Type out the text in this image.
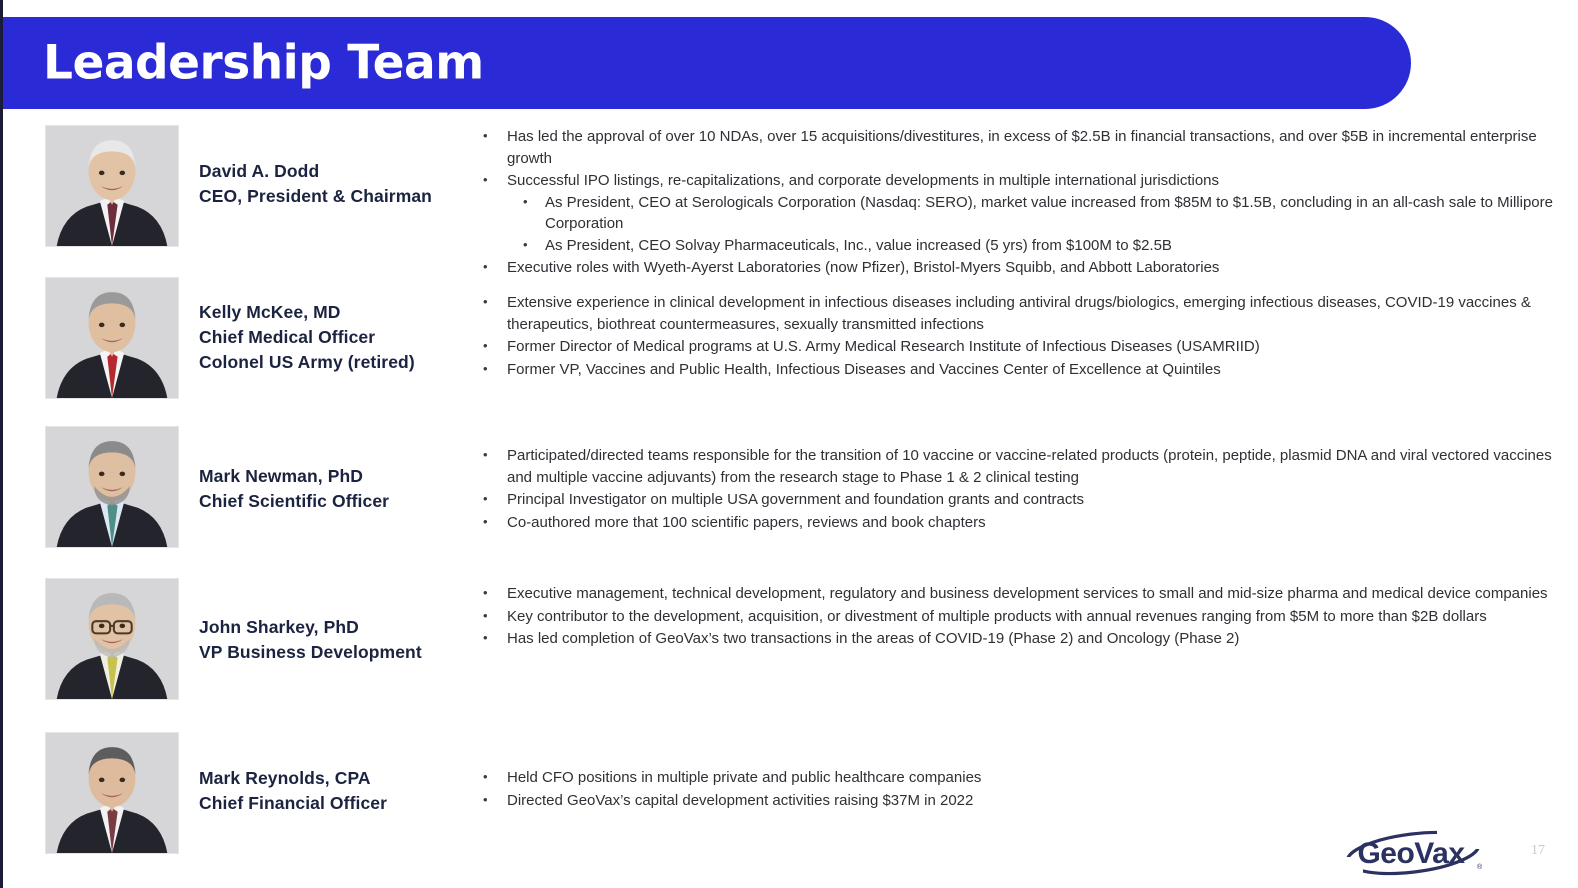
Leadership Team
David A. Dodd
CEO, President & Chairman
• Has led the approval of over 10 NDAs, over 15 acquisitions/divestitures, in excess of $2.5B in financial transactions, and over $5B in incremental enterprise growth
• Successful IPO listings, re-capitalizations, and corporate developments in multiple international jurisdictions
• As President, CEO at Serologicals Corporation (Nasdaq: SERO), market value increased from $85M to $1.5B, concluding in an all-cash sale to Millipore Corporation
• As President, CEO Solvay Pharmaceuticals, Inc., value increased (5 yrs) from $100M to $2.5B
• Executive roles with Wyeth-Ayerst Laboratories (now Pfizer), Bristol-Myers Squibb, and Abbott Laboratories
Kelly McKee, MD
Chief Medical Officer
Colonel US Army (retired)
• Extensive experience in clinical development in infectious diseases including antiviral drugs/biologics, emerging infectious diseases, COVID-19 vaccines & therapeutics, biothreat countermeasures, sexually transmitted infections
• Former Director of Medical programs at U.S. Army Medical Research Institute of Infectious Diseases (USAMRIID)
• Former VP, Vaccines and Public Health, Infectious Diseases and Vaccines Center of Excellence at Quintiles
Mark Newman, PhD
Chief Scientific Officer
• Participated/directed teams responsible for the transition of 10 vaccine or vaccine-related products (protein, peptide, plasmid DNA and viral vectored vaccines and multiple vaccine adjuvants) from the research stage to Phase 1 & 2 clinical testing
• Principal Investigator on multiple USA government and foundation grants and contracts
• Co-authored more that 100 scientific papers, reviews and book chapters
John Sharkey, PhD
VP Business Development
• Executive management, technical development, regulatory and business development services to small and mid-size pharma and medical device companies
• Key contributor to the development, acquisition, or divestment of multiple products with annual revenues ranging from $5M to more than $2B dollars
• Has led completion of GeoVax’s two transactions in the areas of COVID-19 (Phase 2) and Oncology (Phase 2)
Mark Reynolds, CPA
Chief Financial Officer
• Held CFO positions in multiple private and public healthcare companies
• Directed GeoVax’s capital development activities raising $37M in 2022
GeoVax ®
17
